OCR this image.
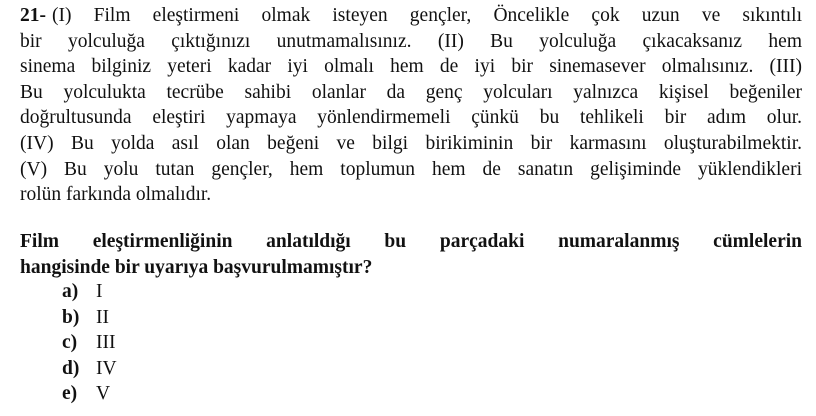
21- (I) Film eleştirmeni olmak isteyen gençler, Öncelikle çok uzun ve sıkıntılı
bir yolculuğa çıktığınızı unutmamalısınız. (II) Bu yolculuğa çıkacaksanız hem
sinema bilginiz yeteri kadar iyi olmalı hem de iyi bir sinemasever olmalısınız. (III)
Bu yolculukta tecrübe sahibi olanlar da genç yolcuları yalnızca kişisel beğeniler
doğrultusunda eleştiri yapmaya yönlendirmemeli çünkü bu tehlikeli bir adım olur.
(IV) Bu yolda asıl olan beğeni ve bilgi birikiminin bir karmasını oluşturabilmektir.
(V) Bu yolu tutan gençler, hem toplumun hem de sanatın gelişiminde yüklendikleri
rolün farkında olmalıdır.
Film eleştirmenliğinin anlatıldığı bu parçadaki numaralanmış cümlelerin
hangisinde bir uyarıya başvurulmamıştır?
a) I
b) II
c) III
d) IV
e) V
